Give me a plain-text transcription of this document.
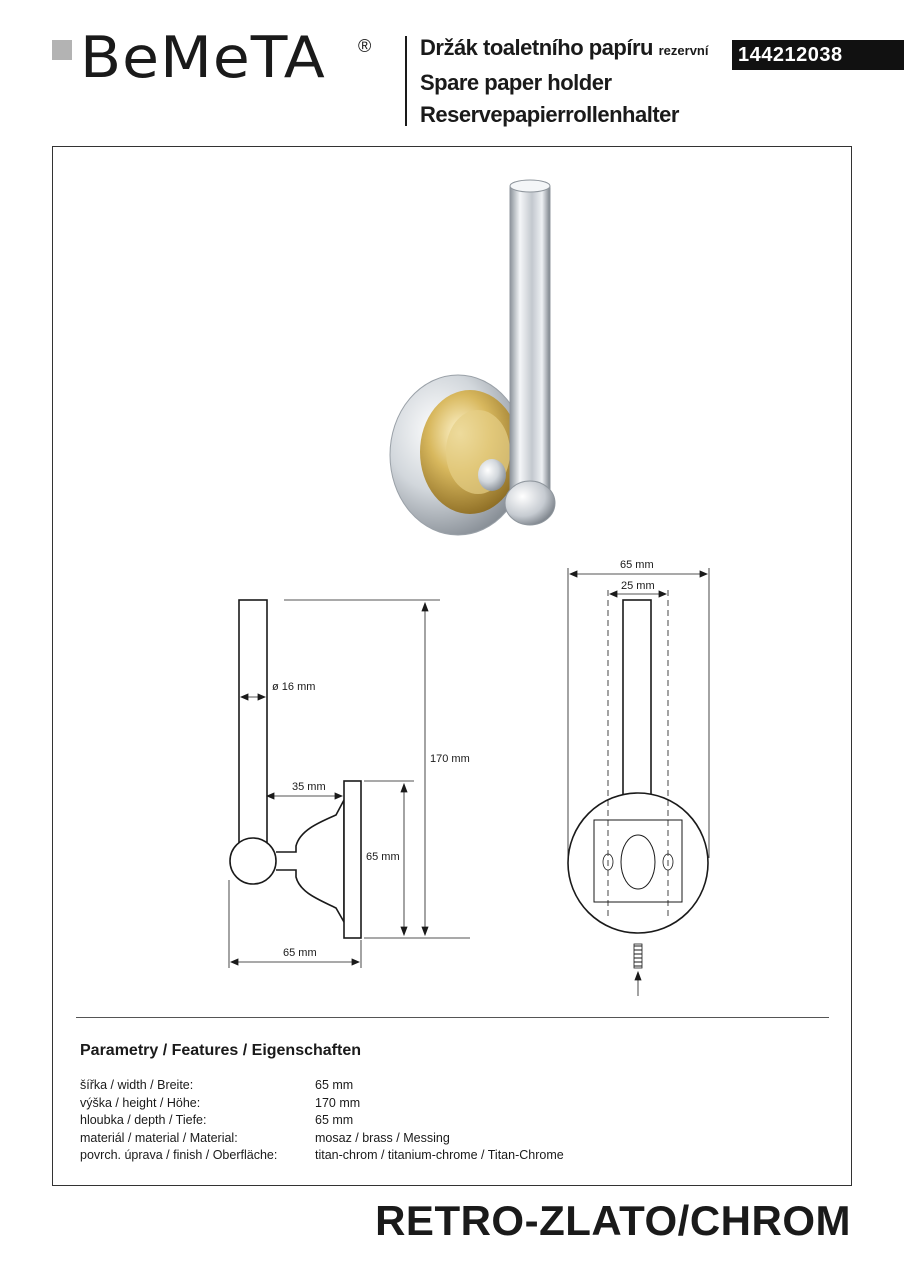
BeMeTA ® Držák toaletního papíru rezervní
Spare paper holder
Reservepapierrollenhalter
144212038
ø 16 mm
170 mm
35 mm
65 mm
65 mm
65 mm
25 mm
Parametry / Features / Eigenschaften
šířka / width / Breite:	65 mm
výška / height / Höhe:	170 mm
hloubka / depth / Tiefe:	65 mm
materiál / material / Material:	mosaz / brass / Messing
povrch. úprava / finish / Oberfläche:	titan-chrom / titanium-chrome / Titan-Chrome
RETRO-ZLATO/CHROM
